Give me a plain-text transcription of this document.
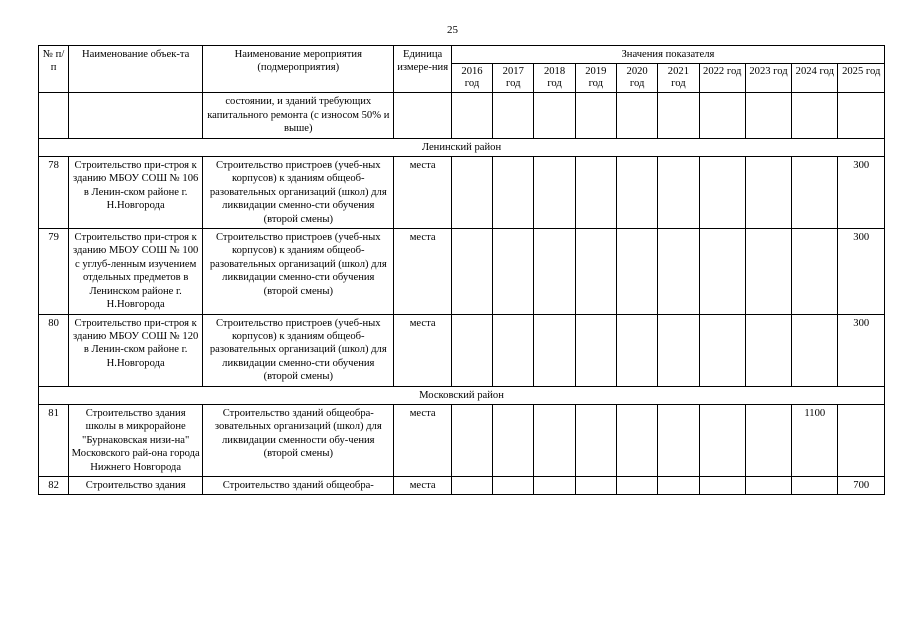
25
№ п/п	Наименование объек-та	Наименование мероприятия (подмероприятия)	Единица измере-ния	Значения показателя									
				2016 год	2017 год	2018 год	2019 год	2020 год	2021 год	2022 год	2023 год	2024 год	2025 год
		состоянии, и зданий требующих капитального ремонта (с износом 50% и выше)											
Ленинский район													
78	Строительство при-строя к зданию МБОУ СОШ № 106 в Ленин-ском районе г. Н.Новгорода	Строительство пристроев (учеб-ных корпусов) к зданиям общеоб-разовательных организаций (школ) для ликвидации сменно-сти обучения (второй смены)	места										300
79	Строительство при-строя к зданию МБОУ СОШ № 100 с углуб-ленным изучением отдельных предметов в Ленинском районе г. Н.Новгорода	Строительство пристроев (учеб-ных корпусов) к зданиям общеоб-разовательных организаций (школ) для ликвидации сменно-сти обучения (второй смены)	места										300
80	Строительство при-строя к зданию МБОУ СОШ № 120 в Ленин-ском районе г. Н.Новгорода	Строительство пристроев (учеб-ных корпусов) к зданиям общеоб-разовательных организаций (школ) для ликвидации сменно-сти обучения (второй смены)	места										300
Московский район													
81	Строительство здания школы в микрорайоне "Бурнаковская низи-на" Московского рай-она города Нижнего Новгорода	Строительство зданий общеобра-зовательных организаций (школ) для ликвидации сменности обу-чения (второй смены)	места									1100	
82	Строительство здания	Строительство зданий общеобра-	места										700
